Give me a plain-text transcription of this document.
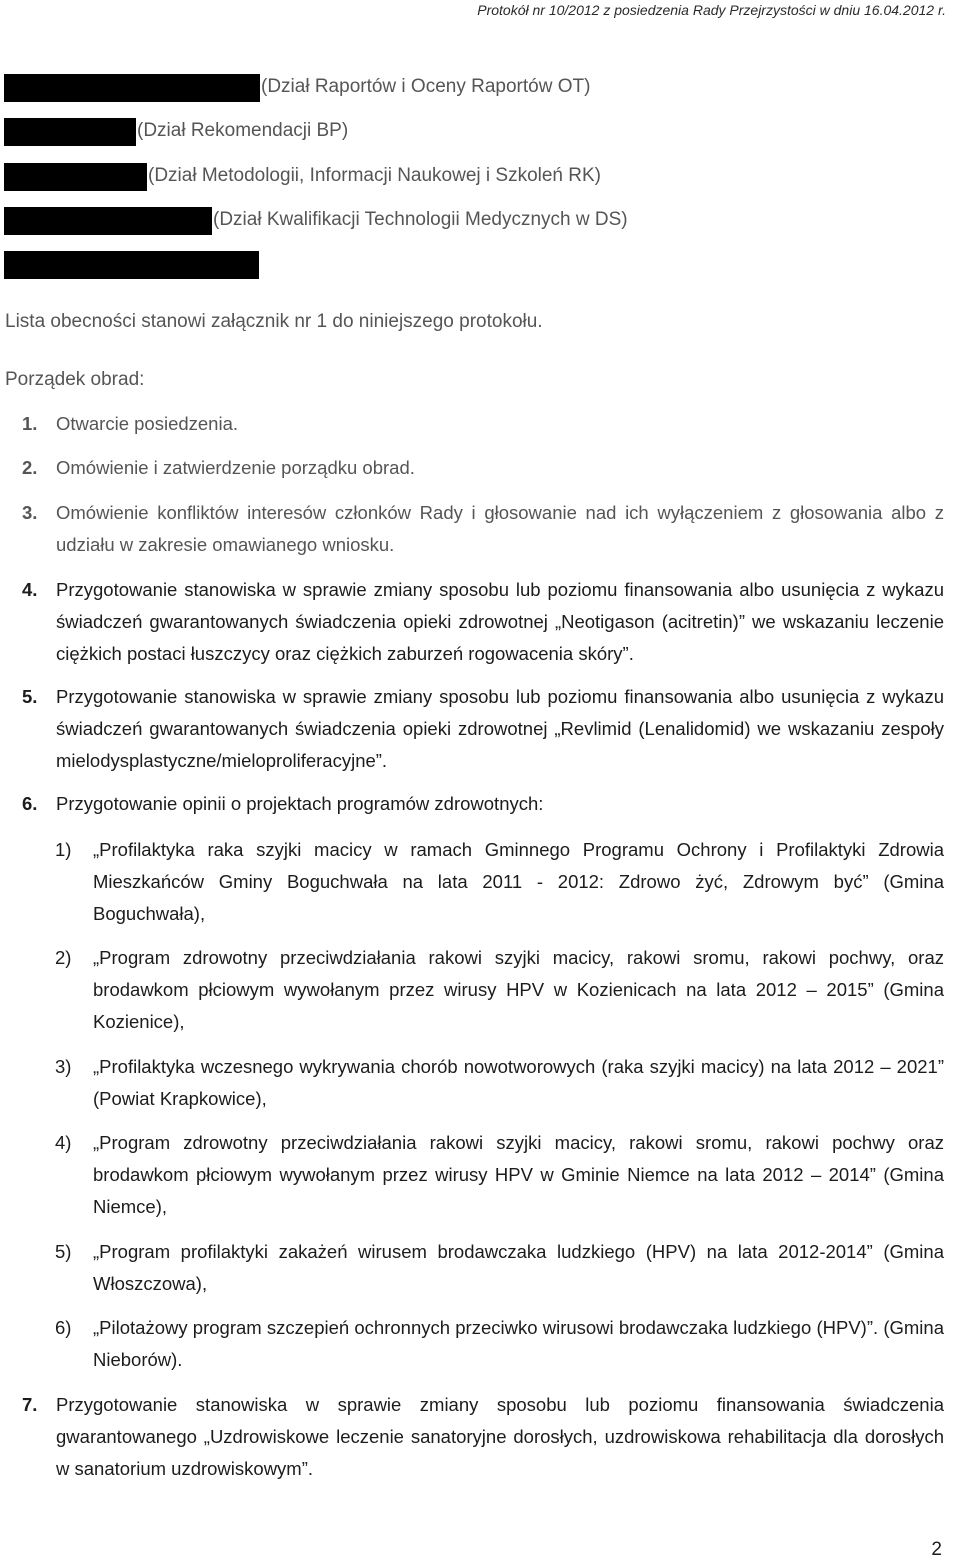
Protokół nr 10/2012 z posiedzenia Rady Przejrzystości w dniu 16.04.2012 r.
(Dział Raportów i Oceny Raportów OT)
(Dział Rekomendacji BP)
(Dział Metodologii, Informacji Naukowej i Szkoleń RK)
(Dział Kwalifikacji Technologii Medycznych w DS)
Lista obecności stanowi załącznik nr 1 do niniejszego protokołu.
Porządek obrad:
1.	Otwarcie posiedzenia.
2.	Omówienie i zatwierdzenie porządku obrad.
3.	Omówienie konfliktów interesów członków Rady i głosowanie nad ich wyłączeniem z głosowania albo z udziału w zakresie omawianego wniosku.
4.	Przygotowanie stanowiska w sprawie zmiany sposobu lub poziomu finansowania albo usunięcia z wykazu świadczeń gwarantowanych świadczenia opieki zdrowotnej „Neotigason (acitretin)” we wskazaniu leczenie ciężkich postaci łuszczycy oraz ciężkich zaburzeń rogowacenia skóry”.
5.	Przygotowanie stanowiska w sprawie zmiany sposobu lub poziomu finansowania albo usunięcia z wykazu świadczeń gwarantowanych świadczenia opieki zdrowotnej „Revlimid (Lenalidomid) we wskazaniu zespoły mielodysplastyczne/mieloproliferacyjne”.
6.	Przygotowanie opinii o projektach programów zdrowotnych:
1) „Profilaktyka raka szyjki macicy w ramach Gminnego Programu Ochrony i Profilaktyki Zdrowia Mieszkańców Gminy Boguchwała na lata 2011 - 2012: Zdrowo żyć, Zdrowym być” (Gmina Boguchwała),
2) „Program zdrowotny przeciwdziałania rakowi szyjki macicy, rakowi sromu, rakowi pochwy, oraz brodawkom płciowym wywołanym przez wirusy HPV w Kozienicach na lata 2012 – 2015” (Gmina Kozienice),
3) „Profilaktyka wczesnego wykrywania chorób nowotworowych (raka szyjki macicy) na lata 2012 – 2021” (Powiat Krapkowice),
4) „Program zdrowotny przeciwdziałania rakowi szyjki macicy, rakowi sromu, rakowi pochwy oraz brodawkom płciowym wywołanym przez wirusy HPV w Gminie Niemce na lata 2012 – 2014” (Gmina Niemce),
5) „Program profilaktyki zakażeń wirusem brodawczaka ludzkiego (HPV) na lata 2012-2014” (Gmina Włoszczowa),
6) „Pilotażowy program szczepień ochronnych przeciwko wirusowi brodawczaka ludzkiego (HPV)”. (Gmina Nieborów).
7.	Przygotowanie stanowiska w sprawie zmiany sposobu lub poziomu finansowania świadczenia gwarantowanego „Uzdrowiskowe leczenie sanatoryjne dorosłych, uzdrowiskowa rehabilitacja dla dorosłych w sanatorium uzdrowiskowym”.
2
